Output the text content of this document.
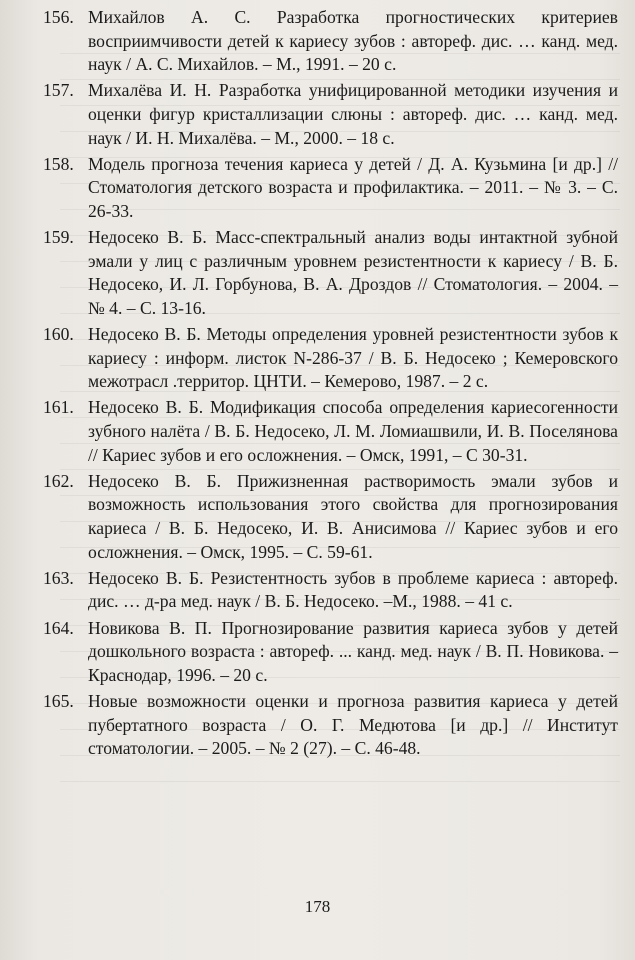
156. Михайлов А. С. Разработка прогностических критериев восприимчивости детей к кариесу зубов : автореф. дис. … канд. мед. наук / А. С. Михайлов. – М., 1991. – 20 с.
157. Михалёва И. Н. Разработка унифицированной методики изучения и оценки фигур кристаллизации слюны : автореф. дис. … канд. мед. наук / И. Н. Михалёва. – М., 2000. – 18 с.
158. Модель прогноза течения кариеса у детей / Д. А. Кузьмина [и др.] // Стоматология детского возраста и профилактика. – 2011. – № 3. – С. 26-33.
159. Недосеко В. Б. Масс-спектральный анализ воды интактной зубной эмали у лиц с различным уровнем резистентности к кариесу / В. Б. Недосеко, И. Л. Горбунова, В. А. Дроздов // Стоматология. – 2004. – № 4. – С. 13-16.
160. Недосеко В. Б. Методы определения уровней резистентности зубов к кариесу : информ. листок N-286-37 / В. Б. Недосеко ; Кемеровского межотрасл .территор. ЦНТИ. – Кемерово, 1987. – 2 с.
161. Недосеко В. Б. Модификация способа определения кариесогенности зубного налёта / В. Б. Недосеко, Л. М. Ломиашвили, И. В. Поселянова // Кариес зубов и его осложнения. – Омск, 1991, – С 30-31.
162. Недосеко В. Б. Прижизненная растворимость эмали зубов и возможность использования этого свойства для прогнозирования кариеса / В. Б. Недосеко, И. В. Анисимова // Кариес зубов и его осложнения. – Омск, 1995. – С. 59-61.
163. Недосеко В. Б. Резистентность зубов в проблеме кариеса : автореф. дис. … д-ра мед. наук / В. Б. Недосеко. –М., 1988. – 41 с.
164. Новикова В. П. Прогнозирование развития кариеса зубов у детей дошкольного возраста : автореф. ... канд. мед. наук / В. П. Новикова. – Краснодар, 1996. – 20 с.
165. Новые возможности оценки и прогноза развития кариеса у детей пубертатного возраста / О. Г. Медютова [и др.] // Институт стоматологии. – 2005. – № 2 (27). – С. 46-48.
178
